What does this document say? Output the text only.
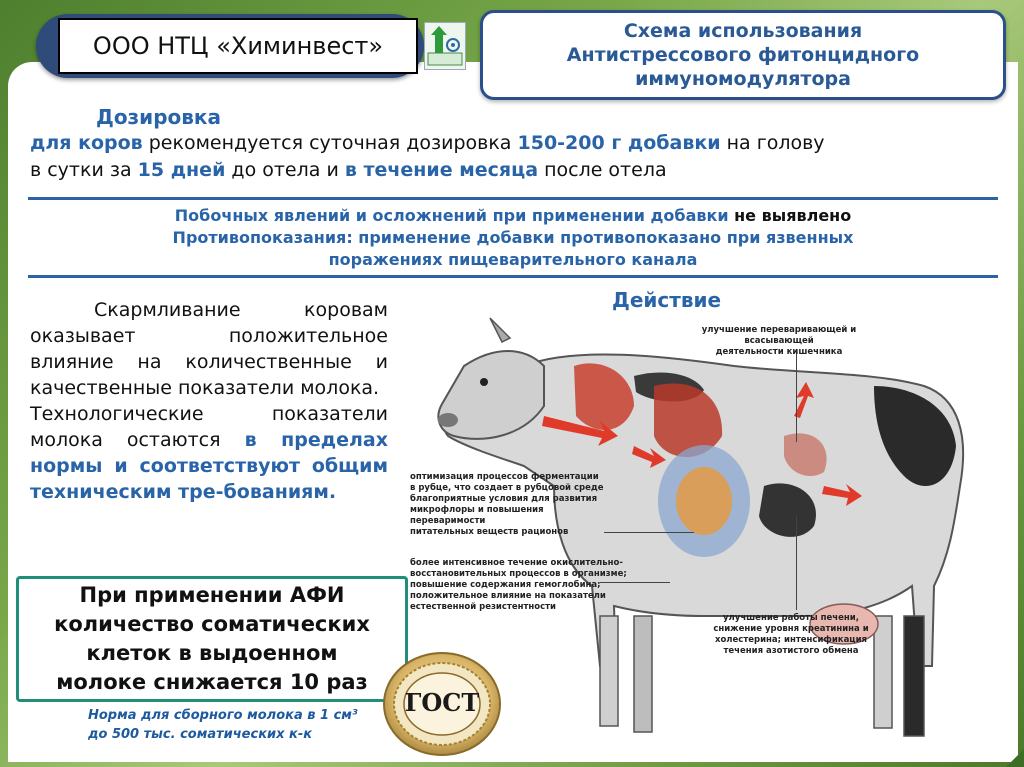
ООО НТЦ «Химинвест»
Схема использования
Антистрессового фитонцидного
иммуномодулятора
Дозировка
для коров рекомендуется суточная дозировка 150-200 г добавки на голову
в сутки за 15 дней до отела и в течение месяца после отела
Побочных явлений и осложнений при применении добавки не выявлено
Противопоказания: применение добавки противопоказано при язвенных
поражениях пищеварительного канала
Скармливание коровам оказывает положительное влияние на количественные и качественные показатели молока.
Технологические показатели молока остаются в пределах нормы и соответствуют общим техническим тре-бованиям.
При применении АФИ
количество соматических
клеток в выдоенном
молоке снижается 10 раз
Норма для сборного молока в 1 см³
до 500 тыс. соматических к-к
ГОСТ
Действие
улучшение переваривающей и всасывающей
деятельности кишечника
оптимизация процессов ферментации
в рубце, что создает в рубцовой среде
благоприятные условия для развития
микрофлоры и повышения переваримости
питательных веществ рационов
более интенсивное течение окислительно-
восстановительных процессов в организме;
повышение содержания гемоглобина;
положительное влияние на показатели
естественной резистентности
улучшение работы печени,
снижение уровня креатинина и
холестерина; интенсификация
течения азотистого обмена
